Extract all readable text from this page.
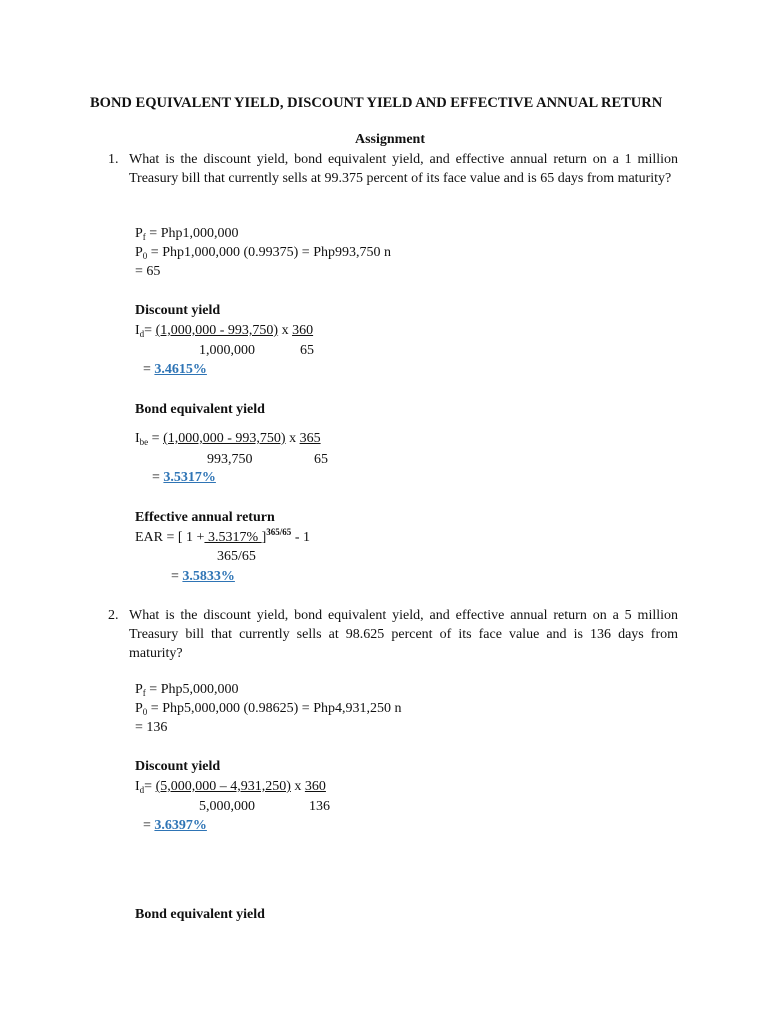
BOND EQUIVALENT YIELD, DISCOUNT YIELD AND EFFECTIVE ANNUAL RETURN
Assignment
1. What is the discount yield, bond equivalent yield, and effective annual return on a 1 million Treasury bill that currently sells at 99.375 percent of its face value and is 65 days from maturity?
$P_f = Php1,000,000$
$P_0 = Php1,000,000$ (0.99375) = Php993,750 n
= 65
Discount yield
$I_d= (1,000,000 - 993,750)$ x 360
1,000,000	65
= 3.4615%
Bond equivalent yield
$I_{be} = (1,000,000 - 993,750)$ x 365
993,750	65
= 3.5317%
Effective annual return
EAR = [ 1 + 3.5317% ]$^{365/65}$ - 1
365/65
= 3.5833%
2. What is the discount yield, bond equivalent yield, and effective annual return on a 5 million Treasury bill that currently sells at 98.625 percent of its face value and is 136 days from maturity?
$P_f = Php5,000,000$
$P_0 = Php5,000,000$ (0.98625) = Php4,931,250 n
= 136
Discount yield
$I_d= (5,000,000 - 4,931,250)$ x 360
5,000,000	136
= 3.6397%
Bond equivalent yield
